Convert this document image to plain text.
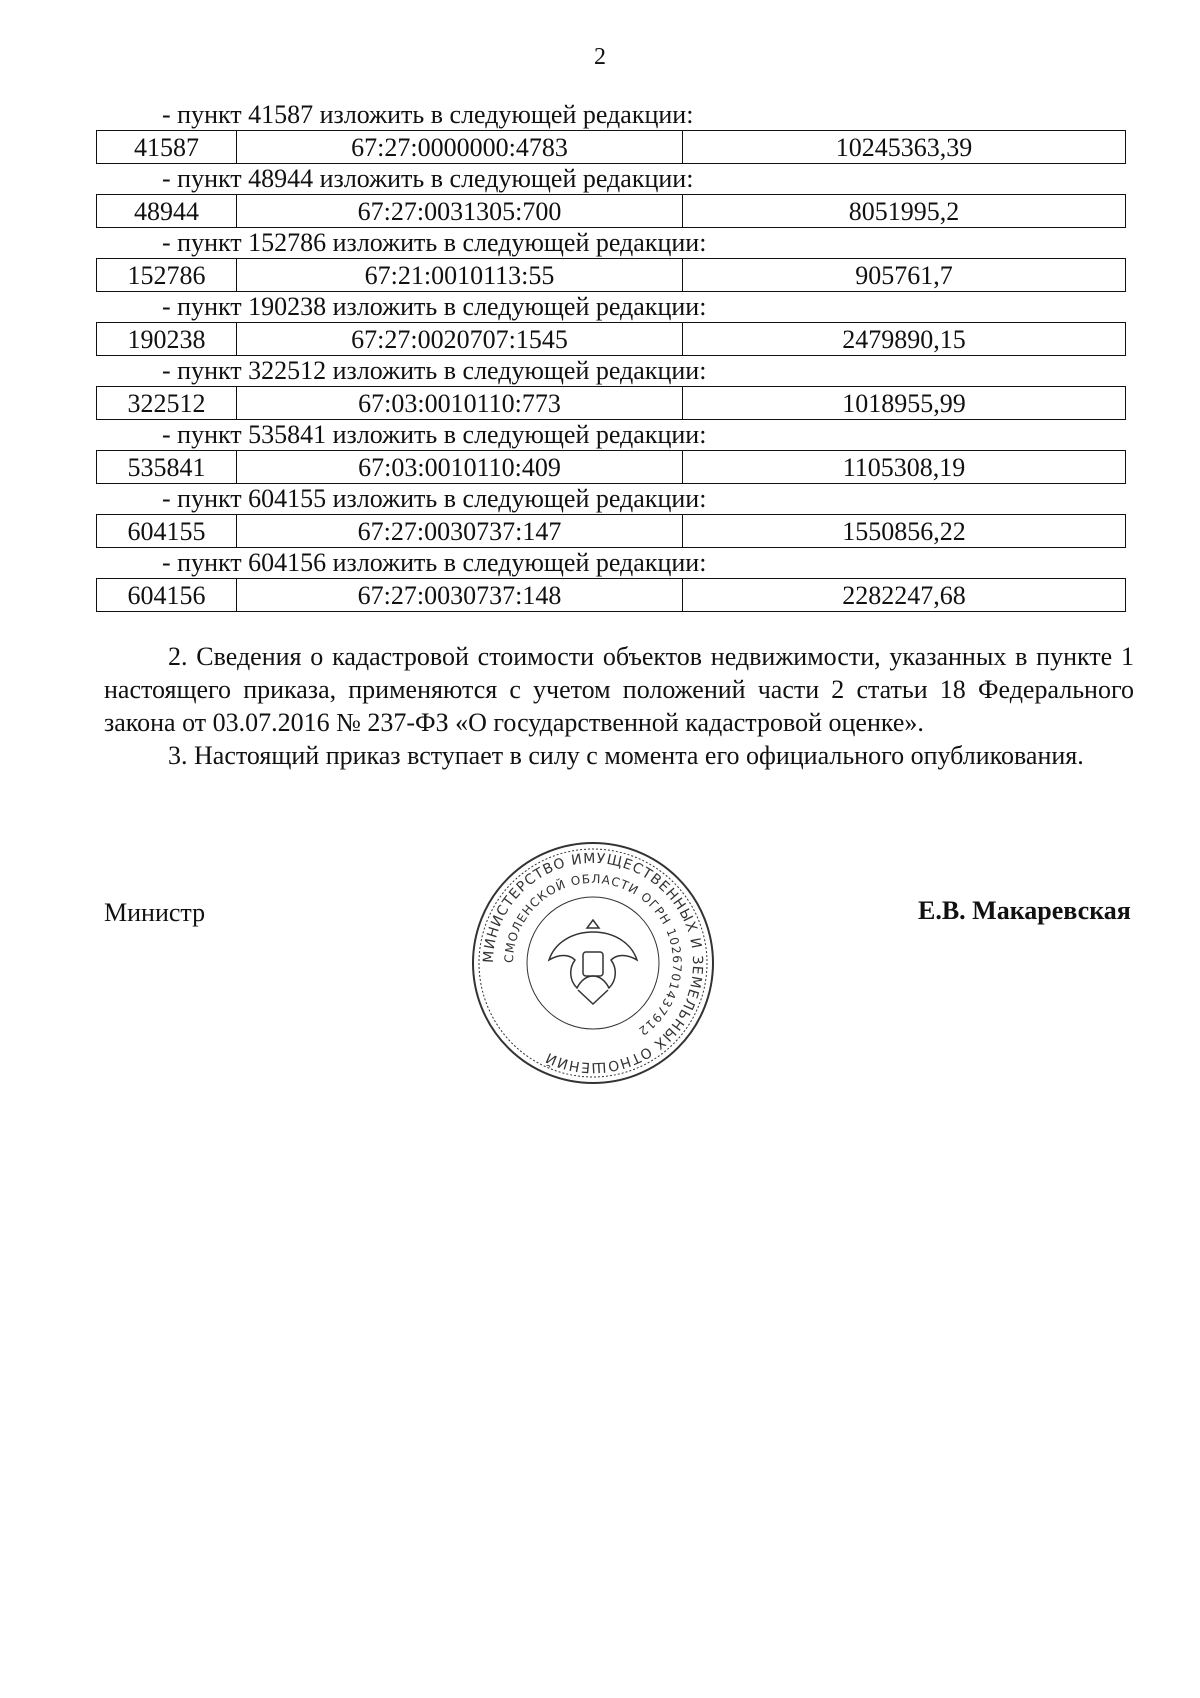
2
- пункт 41587 изложить в следующей редакции:
41587	67:27:0000000:4783	10245363,39
- пункт 48944 изложить в следующей редакции:
48944	67:27:0031305:700	8051995,2
- пункт 152786 изложить в следующей редакции:
152786	67:21:0010113:55	905761,7
- пункт 190238 изложить в следующей редакции:
190238	67:27:0020707:1545	2479890,15
- пункт 322512 изложить в следующей редакции:
322512	67:03:0010110:773	1018955,99
- пункт 535841 изложить в следующей редакции:
535841	67:03:0010110:409	1105308,19
- пункт 604155 изложить в следующей редакции:
604155	67:27:0030737:147	1550856,22
- пункт 604156 изложить в следующей редакции:
604156	67:27:0030737:148	2282247,68

2. Сведения о кадастровой стоимости объектов недвижимости, указанных в пункте 1 настоящего приказа, применяются с учетом положений части 2 статьи 18 Федерального закона от 03.07.2016 № 237-ФЗ «О государственной кадастровой оценке».

3. Настоящий приказ вступает в силу с момента его официального опубликования.

Министр
МИНИСТЕРСТВО ИМУЩЕСТВЕННЫХ И ЗЕМЕЛЬНЫХ ОТНОШЕНИЙ
СМОЛЕНСКОЙ ОБЛАСТИ ОГРН 1026701437912
Е.В. Макаревская
